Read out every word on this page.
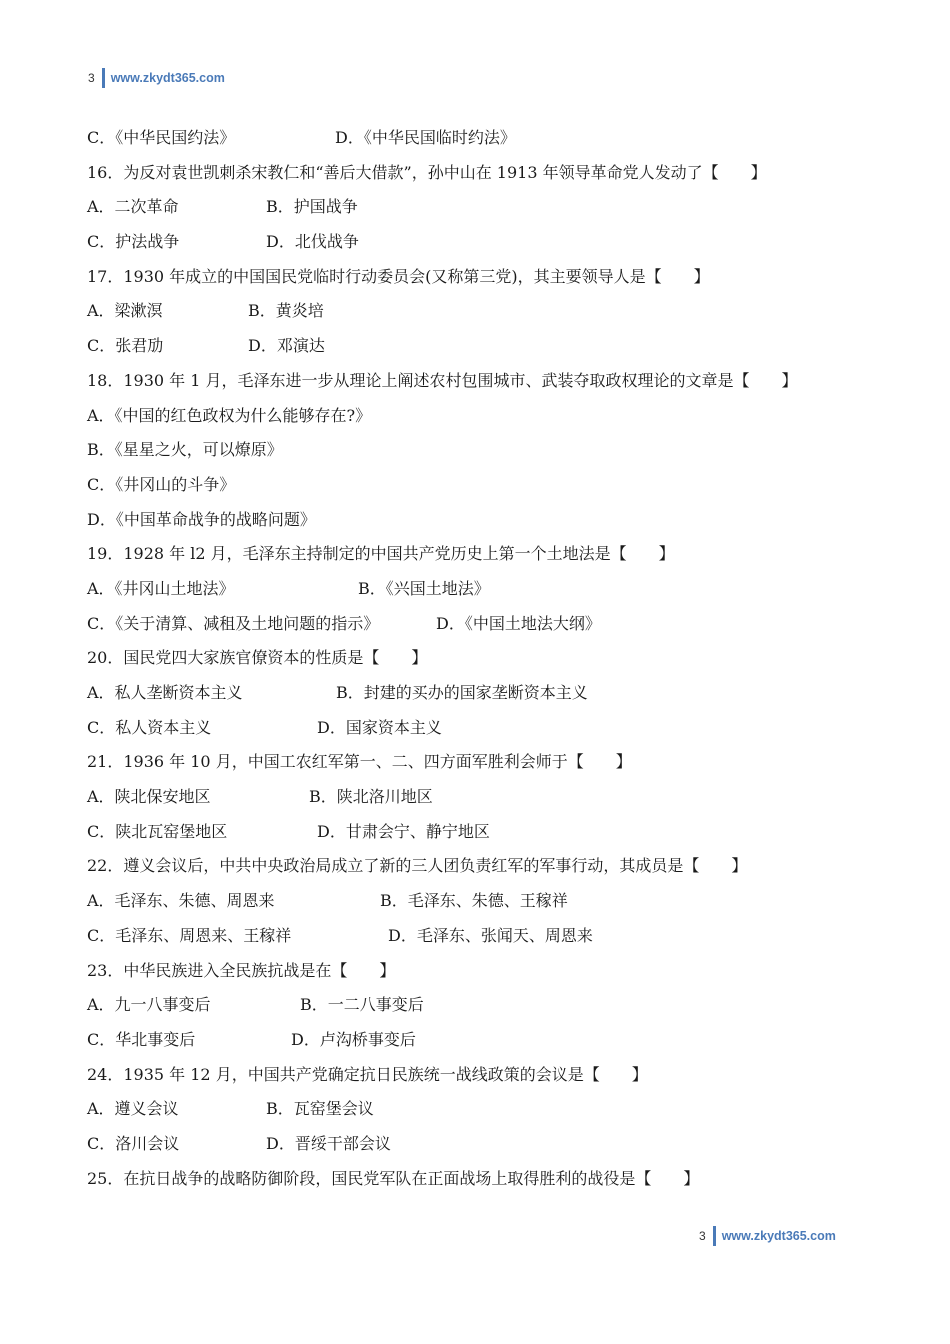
3 www.zkydt365.com
C．《中华民国约法》	D．《中华民国临时约法》
16．为反对袁世凯刺杀宋教仁和“善后大借款”，孙中山在 1913 年领导革命党人发动了【　　】
A．二次革命	B．护国战争
C．护法战争	D．北伐战争
17．1930 年成立的中国国民党临时行动委员会(又称第三党)，其主要领导人是【　　】
A．梁漱溟	B．黄炎培
C．张君劢	D．邓演达
18．1930 年 1 月，毛泽东进一步从理论上阐述农村包围城市、武装夺取政权理论的文章是【　　】
A．《中国的红色政权为什么能够存在?》
B．《星星之火，可以燎原》
C．《井冈山的斗争》
D．《中国革命战争的战略问题》
19．1928 年 l2 月，毛泽东主持制定的中国共产党历史上第一个土地法是【　　】
A．《井冈山土地法》	B．《兴国土地法》
C．《关于清算、减租及土地问题的指示》	D．《中国土地法大纲》
20．国民党四大家族官僚资本的性质是【　　】
A．私人垄断资本主义	B．封建的买办的国家垄断资本主义
C．私人资本主义	D．国家资本主义
21．1936 年 10 月，中国工农红军第一、二、四方面军胜利会师于【　　】
A．陕北保安地区	B．陕北洛川地区
C．陕北瓦窑堡地区	D．甘肃会宁、静宁地区
22．遵义会议后，中共中央政治局成立了新的三人团负责红军的军事行动，其成员是【　　】
A．毛泽东、朱德、周恩来	B．毛泽东、朱德、王稼祥
C．毛泽东、周恩来、王稼祥	D．毛泽东、张闻天、周恩来
23．中华民族进入全民族抗战是在【　　】
A．九一八事变后	B．一二八事变后
C．华北事变后	D．卢沟桥事变后
24．1935 年 12 月，中国共产党确定抗日民族统一战线政策的会议是【　　】
A．遵义会议	B．瓦窑堡会议
C．洛川会议	D．晋绥干部会议
25．在抗日战争的战略防御阶段，国民党军队在正面战场上取得胜利的战役是【　　】
3 www.zkydt365.com
